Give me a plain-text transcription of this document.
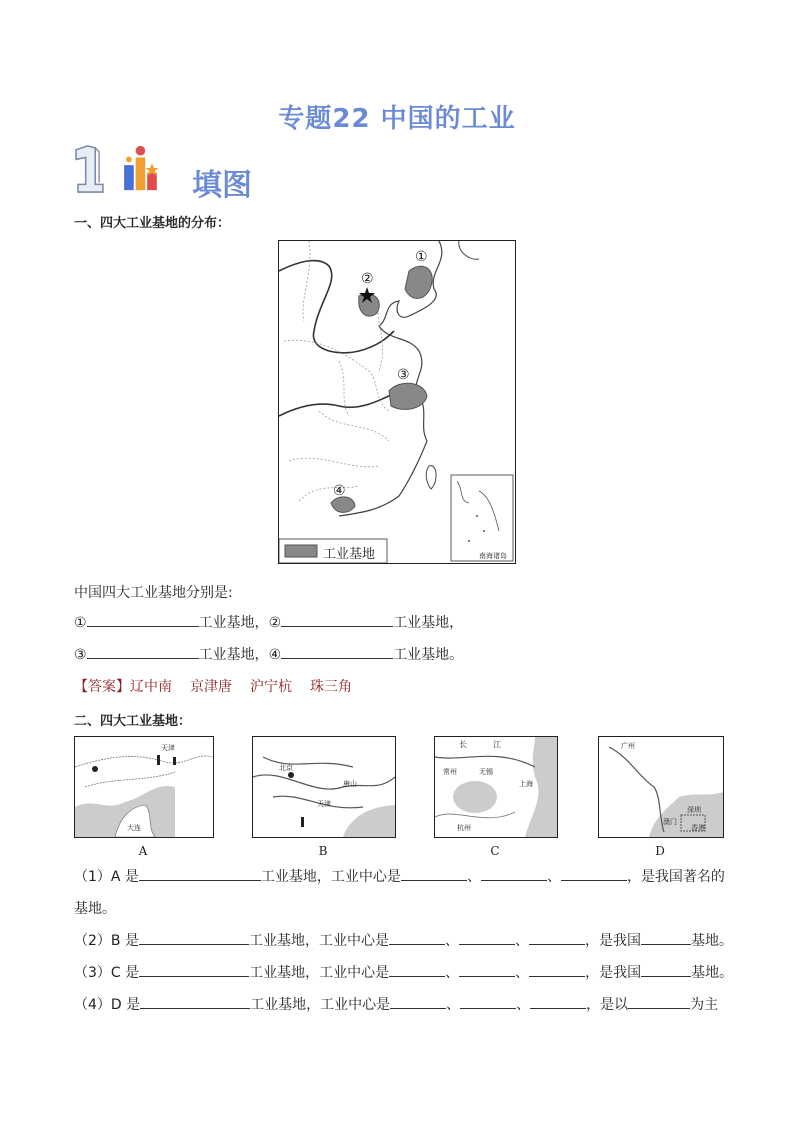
专题22 中国的工业
填图
一、四大工业基地的分布：
①
②
③
④
工业基地	南海诸岛
中国四大工业基地分别是:
①	工业基地，②	工业基地，
③	工业基地，④	工业基地。
【答案】辽中南 京津唐 沪宁杭 珠三角
二、四大工业基地：
天津
大连
A
北京
唐山
天津
B
长	江
常州	无锡
上海
杭州
C
广州
深圳
澳门
香港
D
（1）A 是	工业基地，工业中心是	、	、	，是我国著名的
基地。
（2）B 是	工业基地，工业中心是	、	、	，是我国	基地。
（3）C 是	工业基地，工业中心是	、	、	，是我国	基地。
（4）D 是	工业基地，工业中心是	、	、	，是以	为主
